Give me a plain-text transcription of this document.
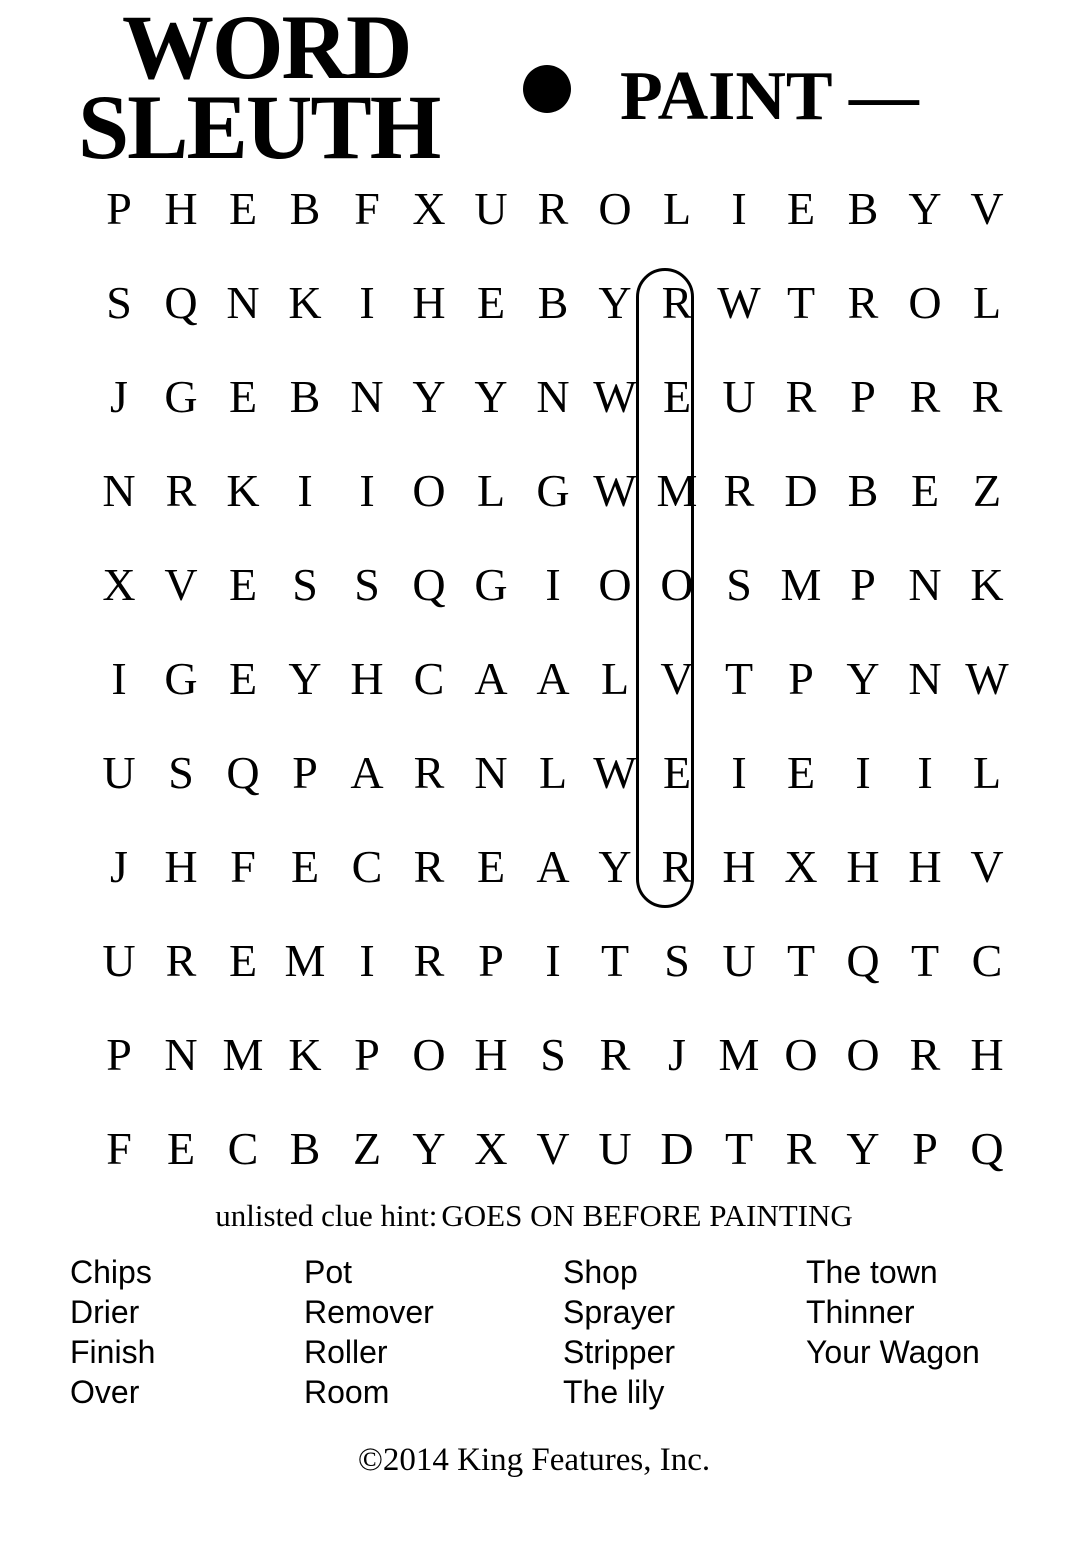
WORD
SLEUTH	PAINT —
F E C B Z Y X V U D T R Y P Q
P N M K P O H S R J M O O R H
U R E M I R P I T S U T Q T C
J H F E C R E A Y R H X H H V
U S Q P A R N L W E I E I	I L
I G E Y H C A A L V T P Y N W
X V E S S Q G I O O S M P N K
N R K I	I O L G W M R D B E Z
J G E B N Y Y N W E U R P R R
S Q N K I H E B Y R W T R O L
P H E B F X U R O L I E B Y V
unlisted clue hint: GOES ON BEFORE PAINTING
Chips
Drier
Finish
Over
Pot
Remover
Roller
Room
Shop
Sprayer
Stripper
The lily
The town
Thinner
Your Wagon
©2014 King Features, Inc.
